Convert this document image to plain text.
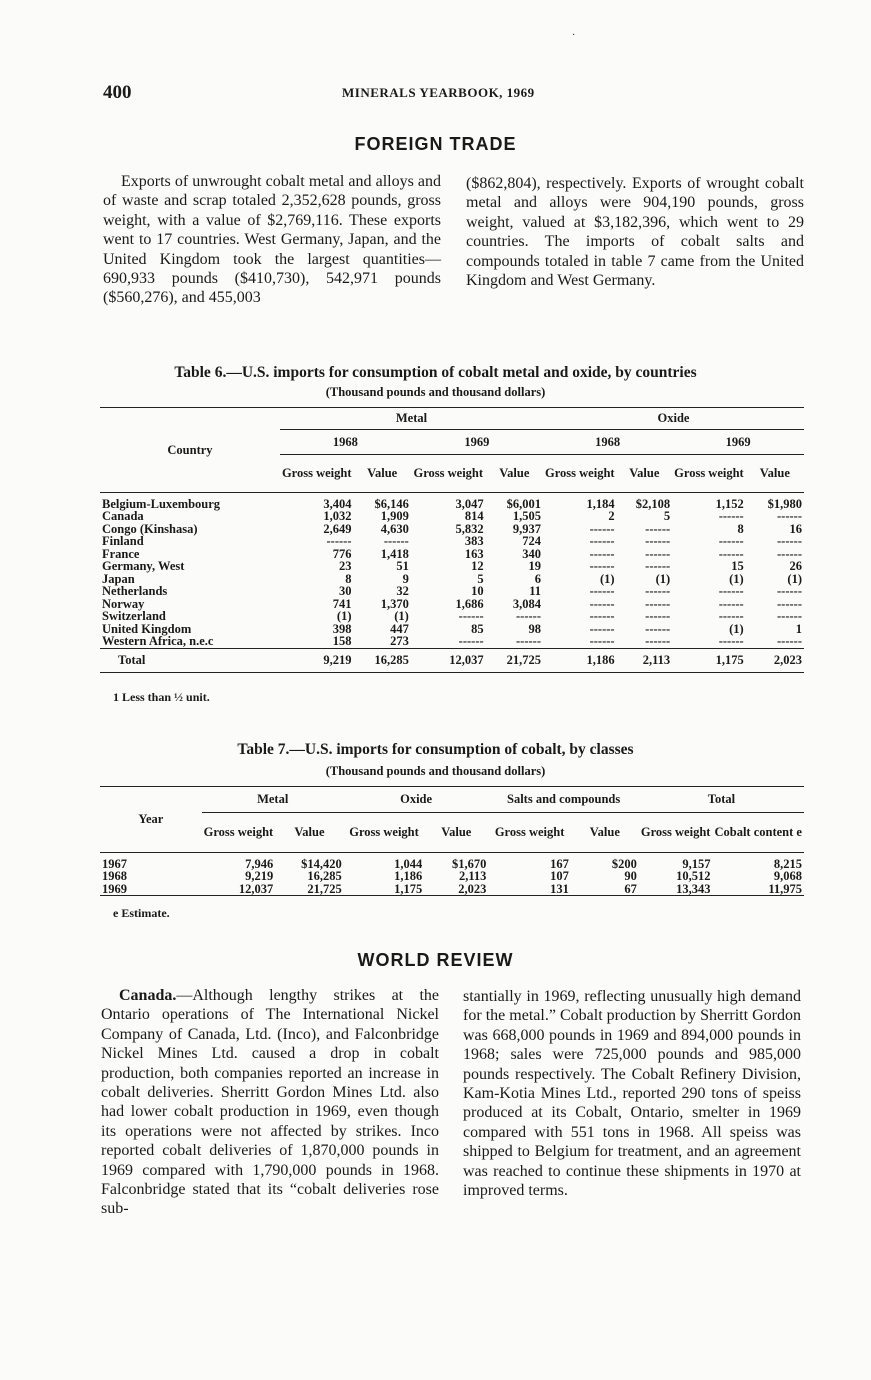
·
400	MINERALS YEARBOOK, 1969
FOREIGN TRADE

Exports of unwrought cobalt metal and alloys and of waste and scrap totaled 2,352,628 pounds, gross weight, with a value of $2,769,116. These exports went to 17 countries. West Germany, Japan, and the United Kingdom took the largest quantities—690,933 pounds ($410,730), 542,971 pounds ($560,276), and 455,003

($862,804), respectively. Exports of wrought cobalt metal and alloys were 904,190 pounds, gross weight, valued at $3,182,396, which went to 29 countries. The imports of cobalt salts and compounds totaled in table 7 came from the United Kingdom and West Germany.

Table 6.—U.S. imports for consumption of cobalt metal and oxide, by countries
(Thousand pounds and thousand dollars)
Country	Metal				Oxide			
	1968		1969		1968		1969	
	Gross weight	Value	Gross weight	Value	Gross weight	Value	Gross weight	Value

Belgium-Luxembourg	3,404	$6,146	3,047	$6,001	1,184	$2,108	1,152	$1,980
Canada	1,032	1,909	814	1,505	2	5	------	------
Congo (Kinshasa)	2,649	4,630	5,832	9,937	------	------	8	16
Finland	------	------	383	724	------	------	------	------
France	776	1,418	163	340	------	------	------	------
Germany, West	23	51	12	19	------	------	15	26
Japan	8	9	5	6	(1)	(1)	(1)	(1)
Netherlands	30	32	10	11	------	------	------	------
Norway	741	1,370	1,686	3,084	------	------	------	------
Switzerland	(1)	(1)	------	------	------	------	------	------
United Kingdom	398	447	85	98	------	------	(1)	1
Western Africa, n.e.c	158	273	------	------	------	------	------	------
Total	9,219	16,285	12,037	21,725	1,186	2,113	1,175	2,023
1 Less than ½ unit.
Table 7.—U.S. imports for consumption of cobalt, by classes
(Thousand pounds and thousand dollars)
Year	Metal		Oxide		Salts and compounds		Total	
	Gross weight	Value	Gross weight	Value	Gross weight	Value	Gross weight	Cobalt content e

1967	7,946	$14,420	1,044	$1,670	167	$200	9,157	8,215
1968	9,219	16,285	1,186	2,113	107	90	10,512	9,068
1969	12,037	21,725	1,175	2,023	131	67	13,343	11,975
e Estimate.
WORLD REVIEW

Canada.—Although lengthy strikes at the Ontario operations of The International Nickel Company of Canada, Ltd. (Inco), and Falconbridge Nickel Mines Ltd. caused a drop in cobalt production, both companies reported an increase in cobalt deliveries. Sherritt Gordon Mines Ltd. also had lower cobalt production in 1969, even though its operations were not affected by strikes. Inco reported cobalt deliveries of 1,870,000 pounds in 1969 compared with 1,790,000 pounds in 1968. Falconbridge stated that its “cobalt deliveries rose sub-

stantially in 1969, reflecting unusually high demand for the metal.” Cobalt production by Sherritt Gordon was 668,000 pounds in 1969 and 894,000 pounds in 1968; sales were 725,000 pounds and 985,000 pounds respectively. The Cobalt Refinery Division, Kam-Kotia Mines Ltd., reported 290 tons of speiss produced at its Cobalt, Ontario, smelter in 1969 compared with 551 tons in 1968. All speiss was shipped to Belgium for treatment, and an agreement was reached to continue these shipments in 1970 at improved terms.
